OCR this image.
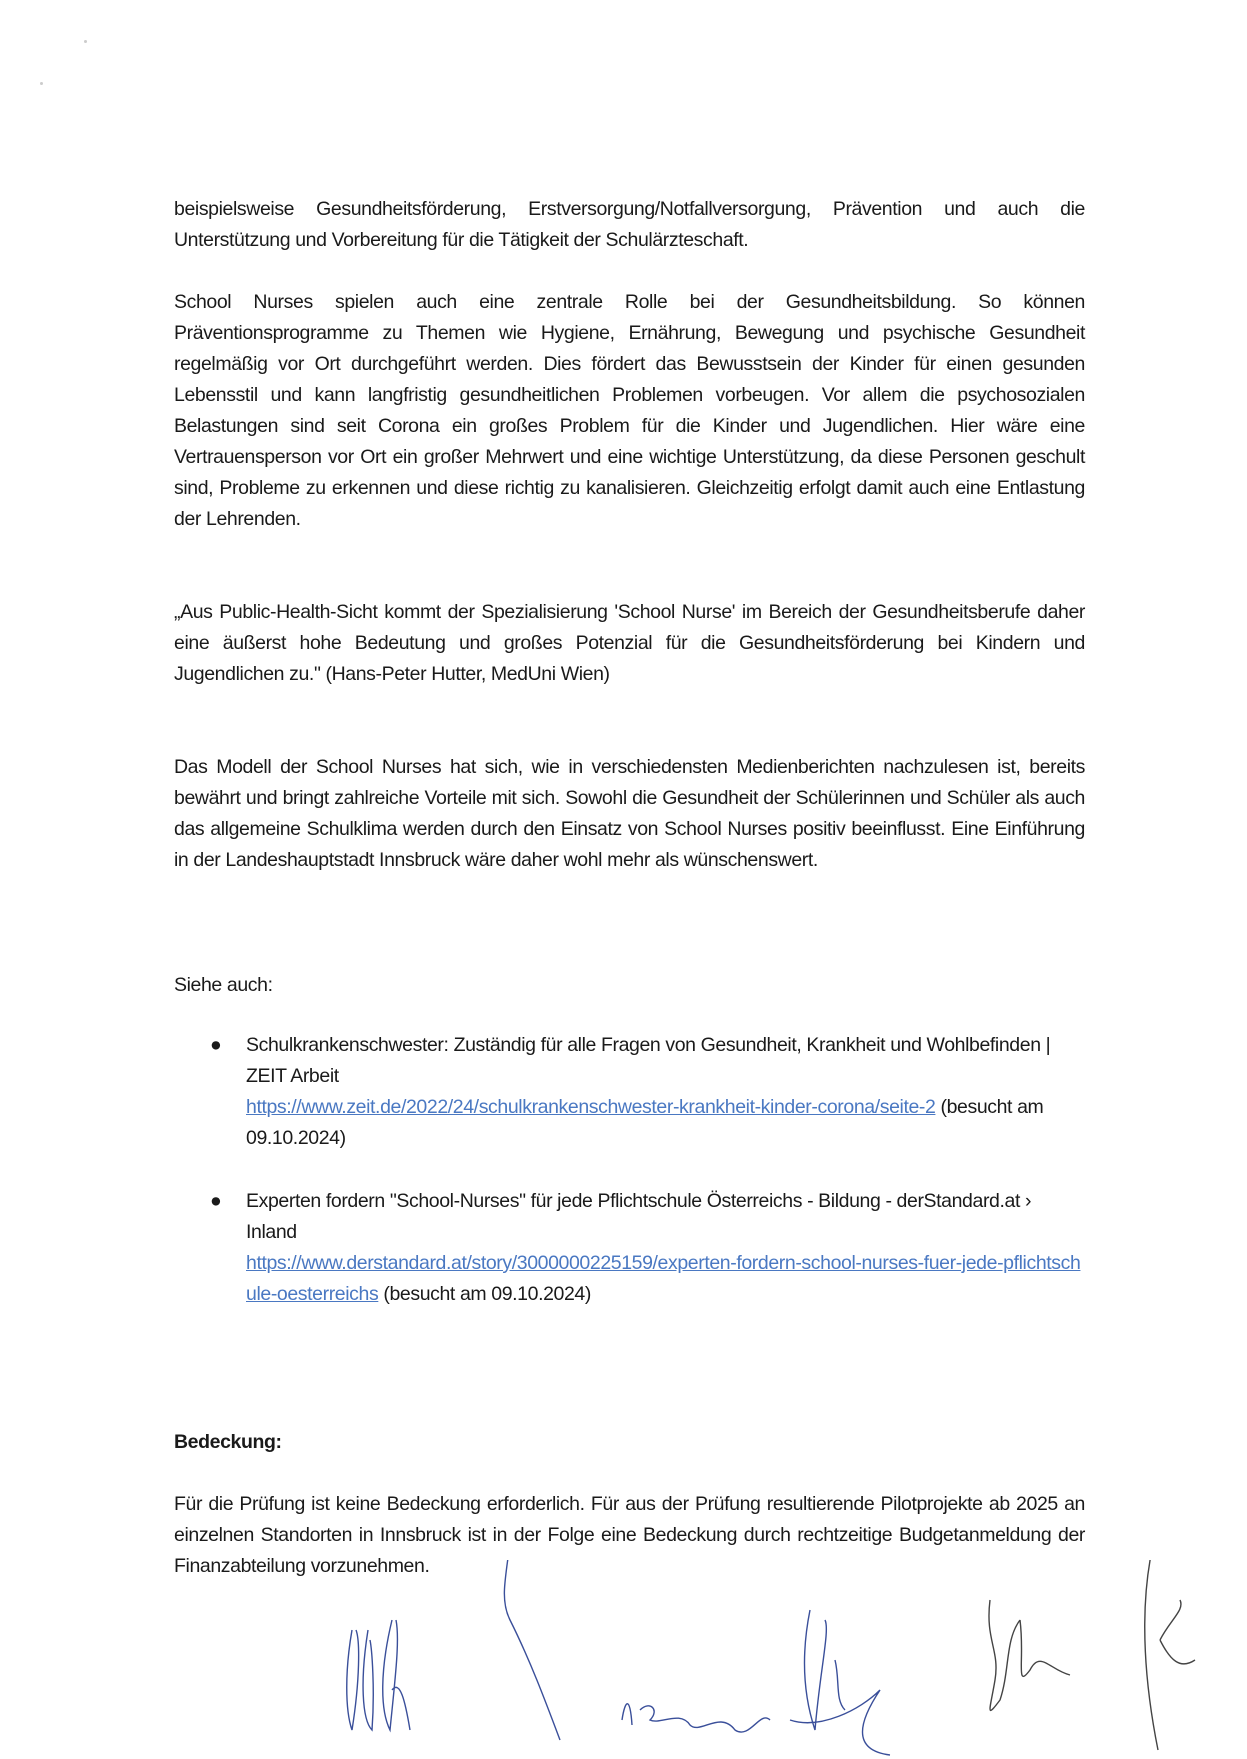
beispielsweise Gesundheitsförderung, Erstversorgung/Notfallversorgung, Prävention und auch die Unterstützung und Vorbereitung für die Tätigkeit der Schulärzteschaft.

School Nurses spielen auch eine zentrale Rolle bei der Gesundheitsbildung. So können Präventionsprogramme zu Themen wie Hygiene, Ernährung, Bewegung und psychische Gesundheit regelmäßig vor Ort durchgeführt werden. Dies fördert das Bewusstsein der Kinder für einen gesunden Lebensstil und kann langfristig gesundheitlichen Problemen vorbeugen. Vor allem die psychosozialen Belastungen sind seit Corona ein großes Problem für die Kinder und Jugendlichen. Hier wäre eine Vertrauensperson vor Ort ein großer Mehrwert und eine wichtige Unterstützung, da diese Personen geschult sind, Probleme zu erkennen und diese richtig zu kanalisieren. Gleichzeitig erfolgt damit auch eine Entlastung der Lehrenden.

„Aus Public-Health-Sicht kommt der Spezialisierung 'School Nurse' im Bereich der Gesundheitsberufe daher eine äußerst hohe Bedeutung und großes Potenzial für die Gesundheitsförderung bei Kindern und Jugendlichen zu." (Hans-Peter Hutter, MedUni Wien)

Das Modell der School Nurses hat sich, wie in verschiedensten Medienberichten nachzulesen ist, bereits bewährt und bringt zahlreiche Vorteile mit sich. Sowohl die Gesundheit der Schülerinnen und Schüler als auch das allgemeine Schulklima werden durch den Einsatz von School Nurses positiv beeinflusst. Eine Einführung in der Landeshauptstadt Innsbruck wäre daher wohl mehr als wünschenswert.

Siehe auch:

● Schulkrankenschwester: Zuständig für alle Fragen von Gesundheit, Krankheit und Wohlbefinden | ZEIT Arbeit
https://www.zeit.de/2022/24/schulkrankenschwester-krankheit-kinder-corona/seite-2 (besucht am 09.10.2024)
● Experten fordern "School-Nurses" für jede Pflichtschule Österreichs - Bildung - derStandard.at › Inland
https://www.derstandard.at/story/3000000225159/experten-fordern-school-nurses-fuer-jede-pflichtschule-oesterreichs (besucht am 09.10.2024)

Bedeckung:

Für die Prüfung ist keine Bedeckung erforderlich. Für aus der Prüfung resultierende Pilotprojekte ab 2025 an einzelnen Standorten in Innsbruck ist in der Folge eine Bedeckung durch rechtzeitige Budgetanmeldung der Finanzabteilung vorzunehmen.
